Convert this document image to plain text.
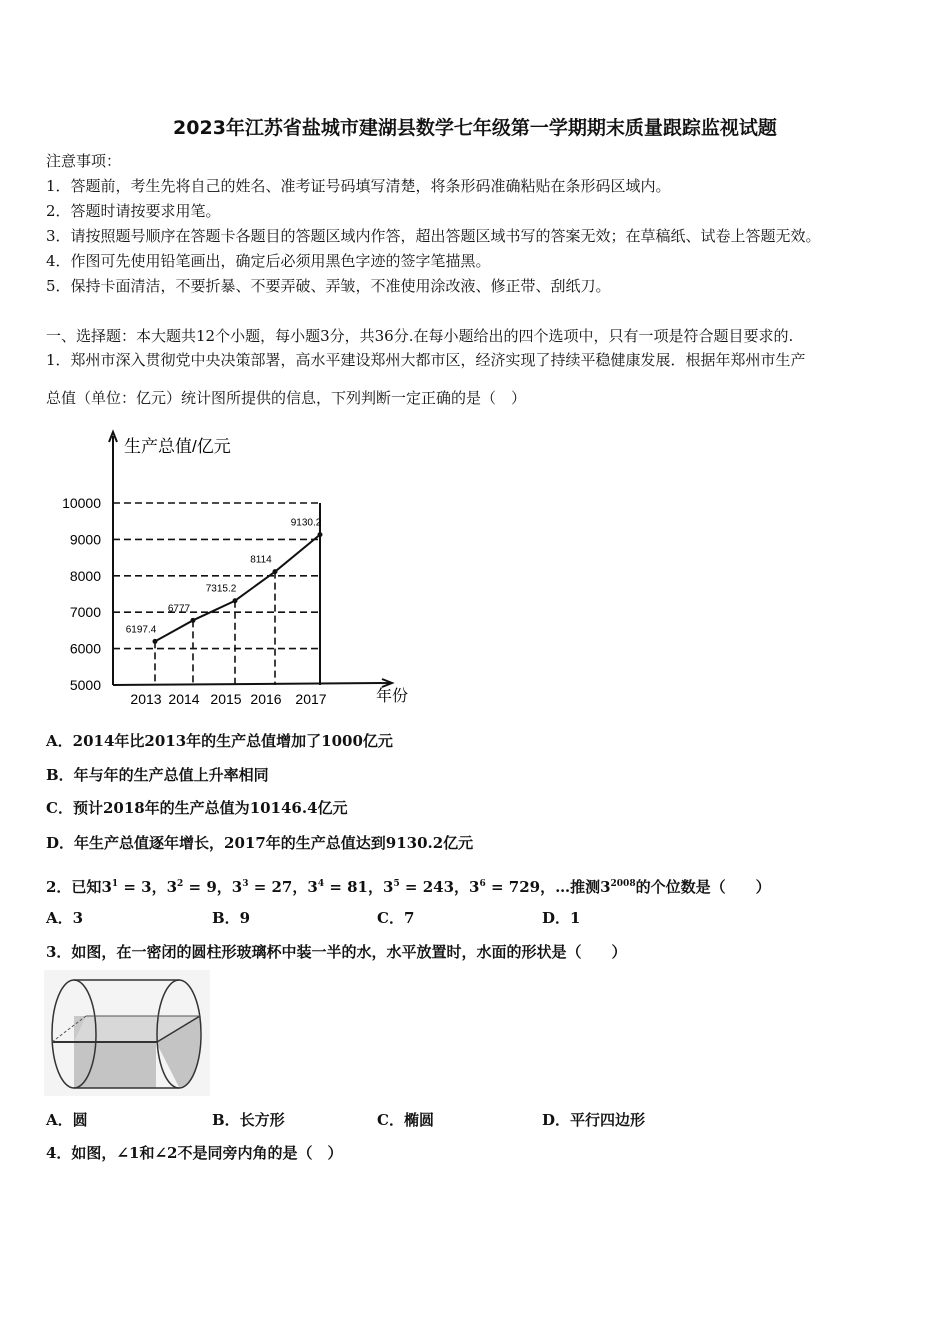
2023年江苏省盐城市建湖县数学七年级第一学期期末质量跟踪监视试题
注意事项：
1．答题前，考生先将自己的姓名、准考证号码填写清楚，将条形码准确粘贴在条形码区域内。
2．答题时请按要求用笔。
3．请按照题号顺序在答题卡各题目的答题区域内作答，超出答题区域书写的答案无效；在草稿纸、试卷上答题无效。
4．作图可先使用铅笔画出，确定后必须用黑色字迹的签字笔描黑。
5．保持卡面清洁，不要折暴、不要弄破、弄皱，不准使用涂改液、修正带、刮纸刀。
一、选择题：本大题共12个小题，每小题3分，共36分.在每小题给出的四个选项中，只有一项是符合题目要求的.
1．郑州市深入贯彻党中央决策部署，高水平建设郑州大都市区，经济实现了持续平稳健康发展．根据年郑州市生产
总值（单位：亿元）统计图所提供的信息，下列判断一定正确的是（　）
5000
6000
7000
8000
9000
10000
2013
6197.4
2014
6777
2015
7315.2
2016
8114
2017
9130.2
生产总值/亿元
年份
A．2014年比2013年的生产总值增加了1000亿元
B．年与年的生产总值上升率相同
C．预计2018年的生产总值为10146.4亿元
D．年生产总值逐年增长，2017年的生产总值达到9130.2亿元
2．已知$3^1 = 3$，$3^2 = 9$，$3^3 = 27$，$3^4 = 81$，$3^5 = 243$，$3^6 = 729$，…推测$3^{2008}$的个位数是（　　）
A．3	B．9	C．7	D．1
3．如图，在一密闭的圆柱形玻璃杯中装一半的水，水平放置时，水面的形状是（　　）
A．圆	B．长方形	C．椭圆	D．平行四边形
4．如图，∠1和∠2不是同旁内角的是（　）
